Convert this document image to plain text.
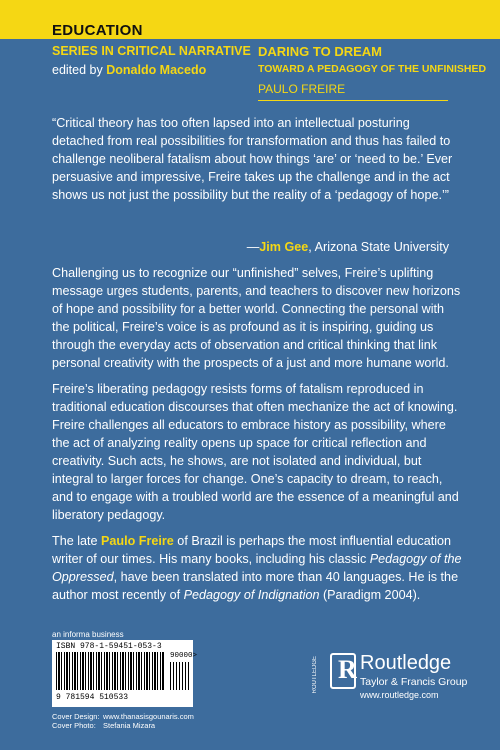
EDUCATION
SERIES IN CRITICAL NARRATIVE
edited by Donaldo Macedo
DARING TO DREAM
TOWARD A PEDAGOGY OF THE UNFINISHED
PAULO FREIRE
“Critical theory has too often lapsed into an intellectual posturing detached from real possibilities for transformation and thus has failed to challenge neoliberal fatalism about how things ‘are’ or ‘need to be.’ Ever persuasive and impressive, Freire takes up the challenge and in the act shows us not just the possibility but the reality of a ‘pedagogy of hope.’”
—Jim Gee, Arizona State University

Challenging us to recognize our “unfinished” selves, Freire’s uplifting message urges students, parents, and teachers to discover new horizons of hope and possibility for a better world. Connecting the personal with the political, Freire’s voice is as profound as it is inspiring, guiding us through the everyday acts of observation and critical thinking that link personal creativity with the prospects of a just and more humane world.

Freire’s liberating pedagogy resists forms of fatalism reproduced in traditional education discourses that often mechanize the act of knowing. Freire challenges all educators to embrace history as possibility, where the act of analyzing reality opens up space for critical reflection and creativity. Such acts, he shows, are not isolated and individual, but integral to larger forces for change. One’s capacity to dream, to reach, and to engage with a troubled world are the essence of a meaningful and liberatory pedagogy.

The late Paulo Freire of Brazil is perhaps the most influential education writer of our times. His many books, including his classic Pedagogy of the Oppressed, have been translated into more than 40 languages. He is the author most recently of Pedagogy of Indignation (Paradigm 2004).

an informa business
ISBN 978-1-59451-053-3
90000>
9 781594 510533
Cover Design: www.thanasisgounaris.com
Cover Photo: Stefania Mizara
ROUTLEDGE R Routledge
Taylor & Francis Group
www.routledge.com
